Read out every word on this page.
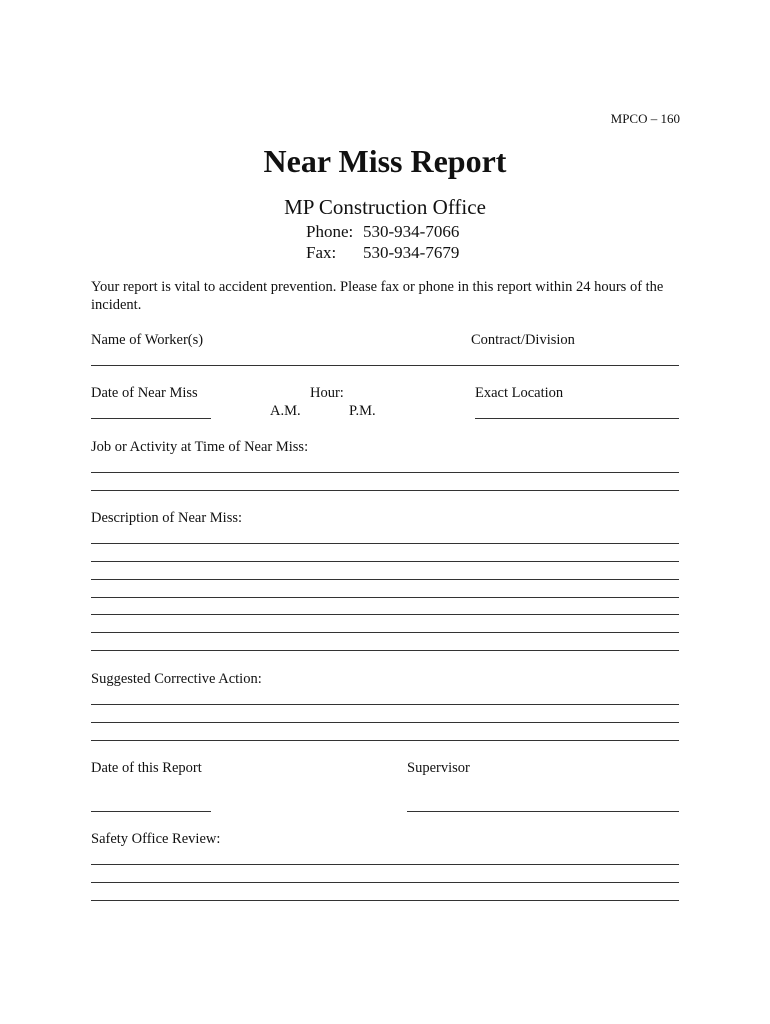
MPCO – 160
Near Miss Report
MP Construction Office
Phone: 530-934-7066
Fax: 530-934-7679
Your report is vital to accident prevention. Please fax or phone in this report within 24 hours of the incident.
Name of Worker(s)	Contract/Division
Date of Near Miss	Hour:	Exact Location
A.M.	P.M.
Job or Activity at Time of Near Miss:
Description of Near Miss:
Suggested Corrective Action:
Date of this Report	Supervisor
Safety Office Review:
